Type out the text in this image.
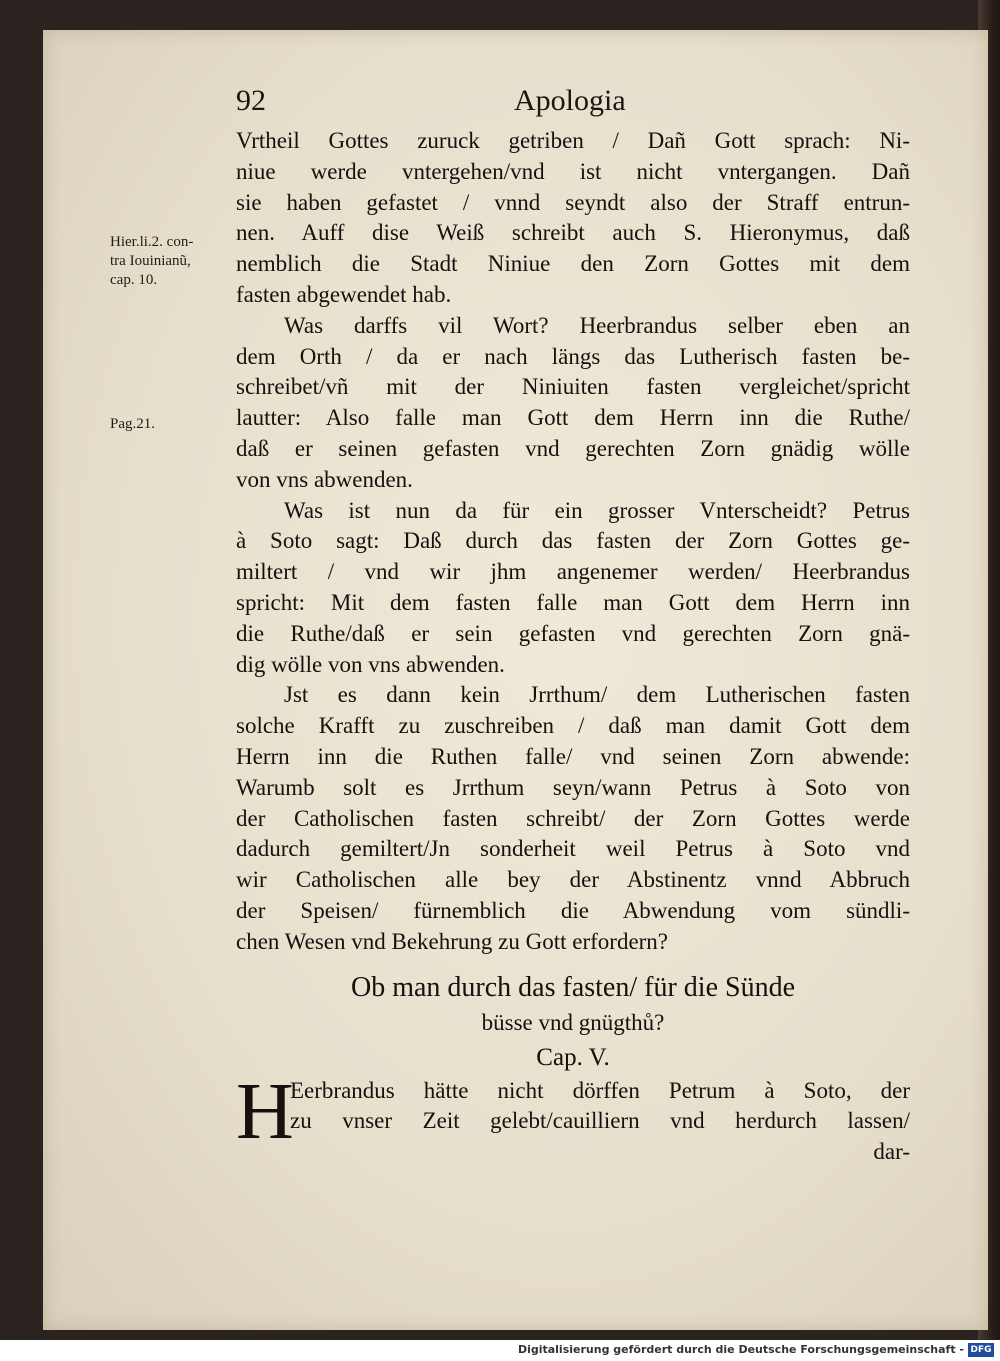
92	Apologia
Hier.li.2. con-
tra Iouinianũ,
cap. 10.
Pag.21.
Vrtheil Gottes zuruck getriben / Dañ Gott sprach: Ni-
niue werde vntergehen/vnd ist nicht vntergangen. Dañ
sie haben gefastet / vnnd seyndt also der Straff entrun-
nen. Auff dise Weiß schreibt auch S. Hieronymus, daß
nemblich die Stadt Niniue den Zorn Gottes mit dem
fasten abgewendet hab.
Was darffs vil Wort? Heerbrandus selber eben an
dem Orth / da er nach längs das Lutherisch fasten be-
schreibet/vñ mit der Niniuiten fasten vergleichet/spricht
lautter: Also falle man Gott dem Herrn inn die Ruthe/
daß er seinen gefasten vnd gerechten Zorn gnädig wölle
von vns abwenden.
Was ist nun da für ein grosser Vnterscheidt? Petrus
à Soto sagt: Daß durch das fasten der Zorn Gottes ge-
miltert / vnd wir jhm angenemer werden/ Heerbrandus
spricht: Mit dem fasten falle man Gott dem Herrn inn
die Ruthe/daß er sein gefasten vnd gerechten Zorn gnä-
dig wölle von vns abwenden.
Jst es dann kein Jrrthum/ dem Lutherischen fasten
solche Krafft zu zuschreiben / daß man damit Gott dem
Herrn inn die Ruthen falle/ vnd seinen Zorn abwende:
Warumb solt es Jrrthum seyn/wann Petrus à Soto von
der Catholischen fasten schreibt/ der Zorn Gottes werde
dadurch gemiltert/Jn sonderheit weil Petrus à Soto vnd
wir Catholischen alle bey der Abstinentz vnnd Abbruch
der Speisen/ fürnemblich die Abwendung vom sündli-
chen Wesen vnd Bekehrung zu Gott erfordern?
Ob man durch das fasten/ für die Sünde
büsse vnd gnügthů?
Cap. V.
H
Eerbrandus hätte nicht dörffen Petrum à Soto, der
zu vnser Zeit gelebt/cauilliern vnd herdurch lassen/
dar-
Digitalisierung gefördert durch die Deutsche Forschungsgemeinschaft - DFG
